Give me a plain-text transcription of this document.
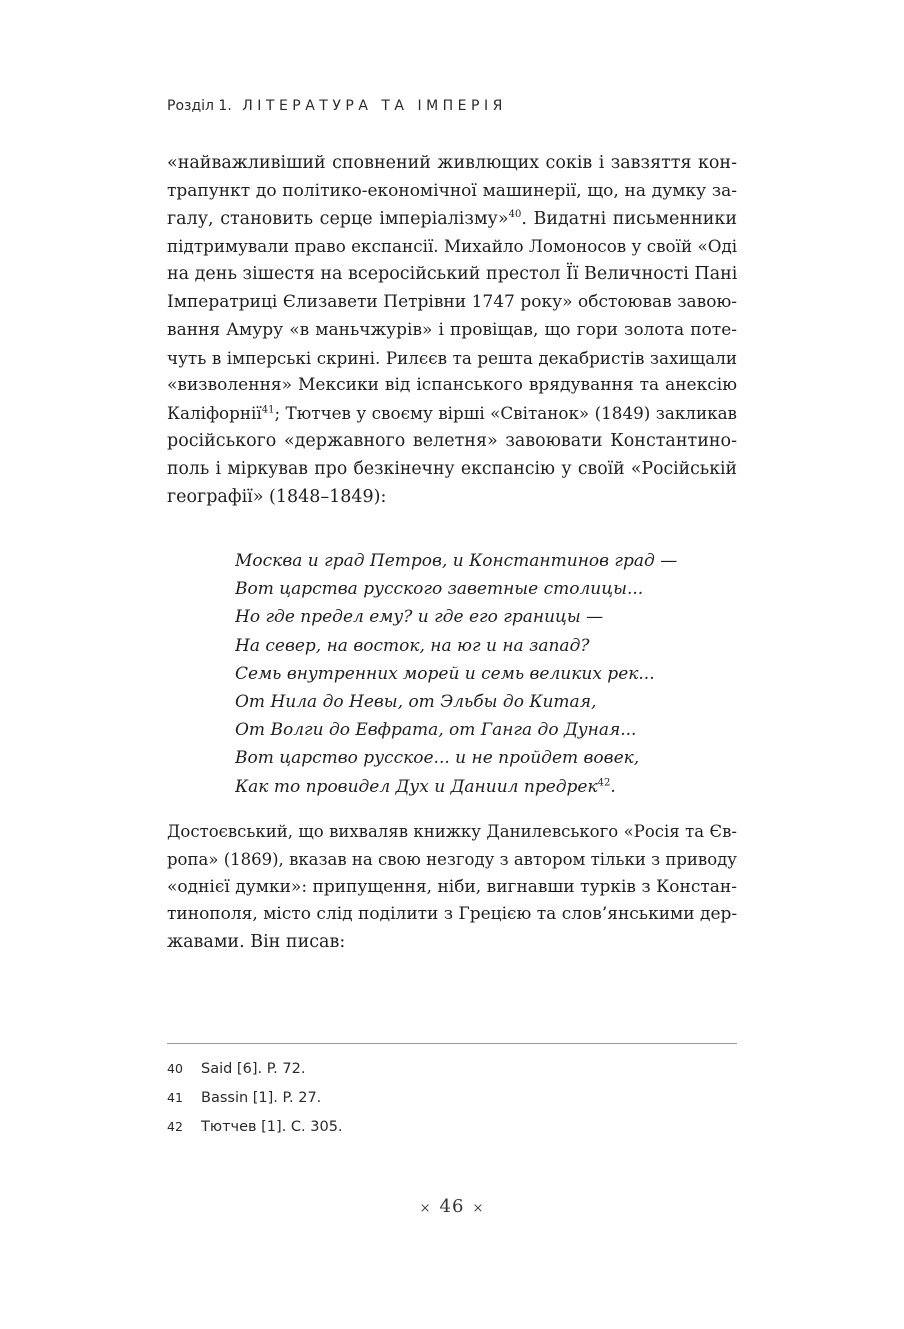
Розділ 1. ЛІТЕРАТУРА ТА ІМПЕРІЯ
«найважливіший сповнений живлющих соків і завзяття кон-
трапункт до політико-економічної машинерії, що, на думку за-
галу, становить серце імперіалізму»$^{40}$. Видатні письменники
підтримували право експансії. Михайло Ломоносов у своїй «Оді
на день зішестя на всеросійський престол Її Величності Пані
Імператриці Єлизавети Петрівни 1747 року» обстоював завою-
вання Амуру «в маньчжурів» і провіщав, що гори золота поте-
чуть в імперські скрині. Рилєєв та решта декабристів захищали
«визволення» Мексики від іспанського врядування та анексію
Каліфорнії$^{41}$; Тютчев у своєму вірші «Світанок» (1849) закликав
російського «державного велетня» завоювати Константино-
поль і міркував про безкінечну експансію у своїй «Російській
географії» (1848–1849):
Москва и град Петров, и Константинов град —
Вот царства русского заветные столицы...
Но где предел ему? и где его границы —
На север, на восток, на юг и на запад?
Семь внутренних морей и семь великих рек...
От Нила до Невы, от Эльбы до Китая,
От Волги до Евфрата, от Ганга до Дуная...
Вот царство русское... и не пройдет вовек,
Как то провидел Дух и Даниил предрек$^{42}$.
Достоєвський, що вихваляв книжку Данилевського «Росія та Єв-
ропа» (1869), вказав на свою незгоду з автором тільки з приводу
«однієї думки»: припущення, ніби, вигнавши турків з Констан-
тинополя, місто слід поділити з Грецією та слов’янськими дер-
жавами. Він писав:
40 Said [6]. P. 72.
41 Bassin [1]. P. 27.
42 Тютчев [1]. С. 305.
× 46 ×
